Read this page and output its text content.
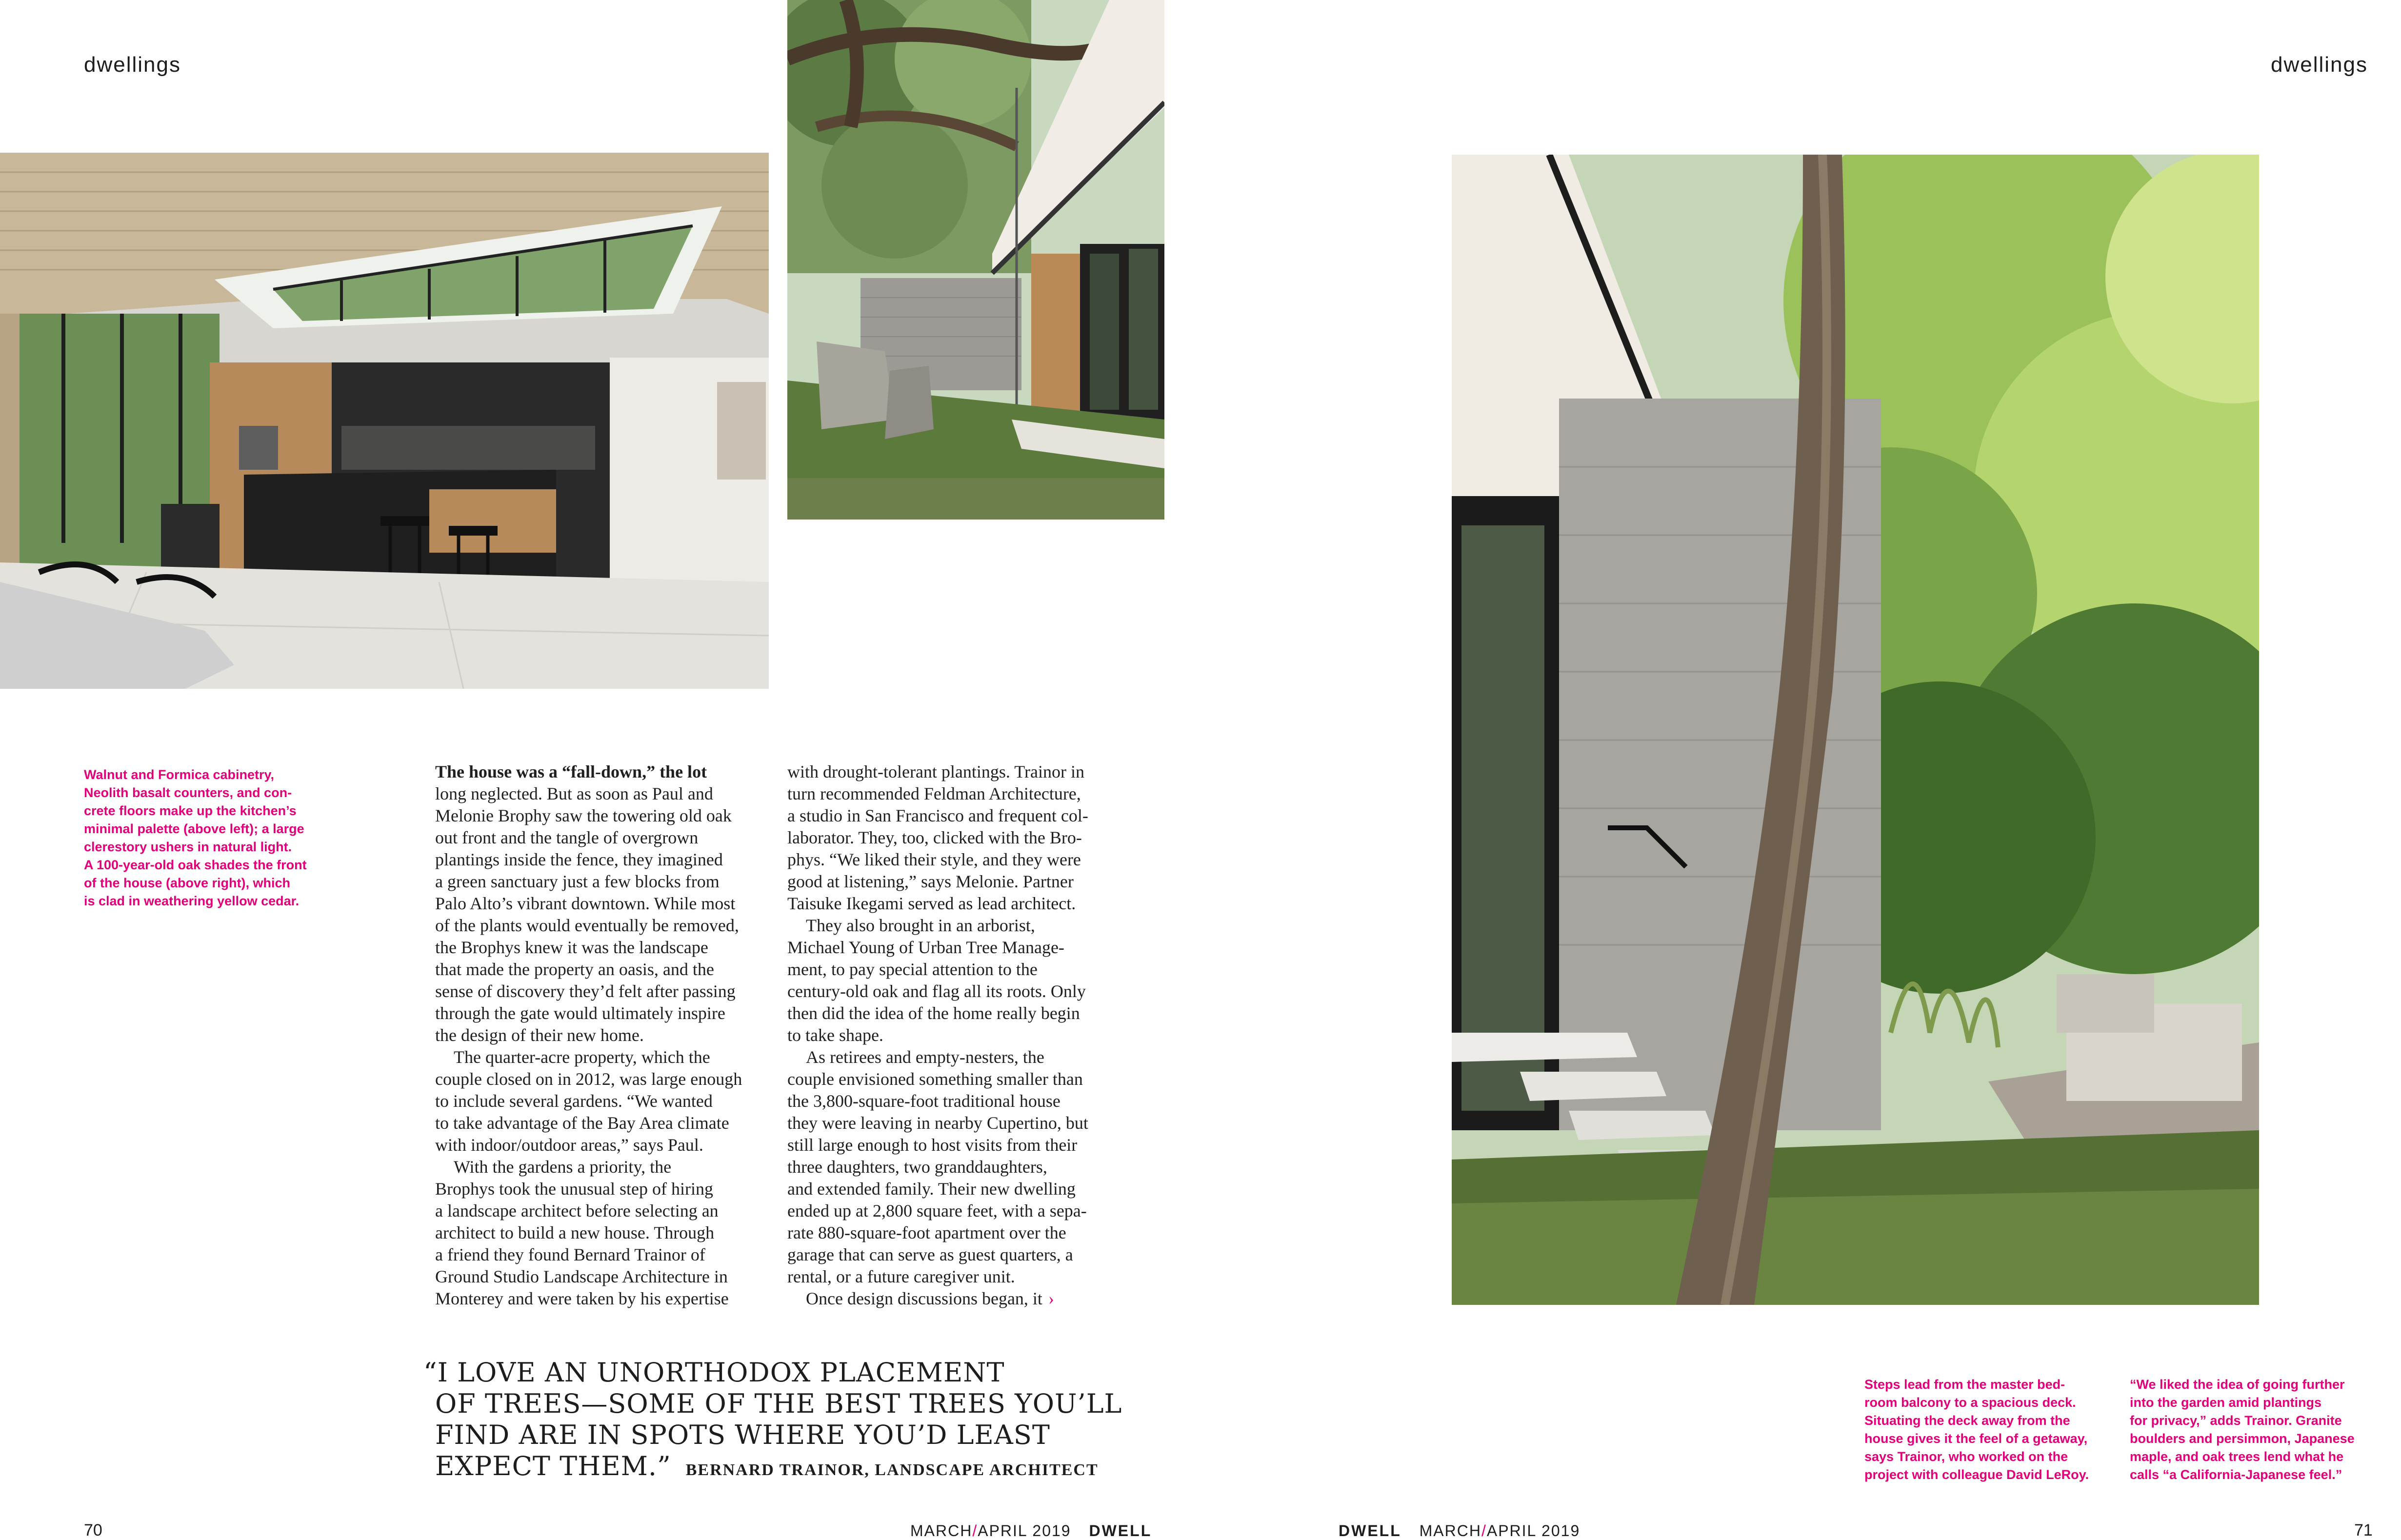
dwellings	dwellings
Walnut and Formica cabinetry,
Neolith basalt counters, and con-
crete floors make up the kitchen’s
minimal palette (above left); a large
clerestory ushers in natural light.
A 100-year-old oak shades the front
of the house (above right), which
is clad in weathering yellow cedar.
The house was a “fall-down,” the lot
long neglected. But as soon as Paul and
Melonie Brophy saw the towering old oak
out front and the tangle of overgrown
plantings inside the fence, they imagined
a green sanctuary just a few blocks from
Palo Alto’s vibrant downtown. While most
of the plants would eventually be removed,
the Brophys knew it was the landscape
that made the property an oasis, and the
sense of discovery they’d felt after passing
through the gate would ultimately inspire
the design of their new home.
The quarter-acre property, which the
couple closed on in 2012, was large enough
to include several gardens. “We wanted
to take advantage of the Bay Area climate
with indoor/outdoor areas,” says Paul.
With the gardens a priority, the
Brophys took the unusual step of hiring
a landscape architect before selecting an
architect to build a new house. Through
a friend they found Bernard Trainor of
Ground Studio Landscape Architecture in
Monterey and were taken by his expertise
with drought-tolerant plantings. Trainor in
turn recommended Feldman Architecture,
a studio in San Francisco and frequent col-
laborator. They, too, clicked with the Bro-
phys. “We liked their style, and they were
good at listening,” says Melonie. Partner
Taisuke Ikegami served as lead architect.
They also brought in an arborist,
Michael Young of Urban Tree Manage-
ment, to pay special attention to the
century-old oak and flag all its roots. Only
then did the idea of the home really begin
to take shape.
As retirees and empty-nesters, the
couple envisioned something smaller than
the 3,800-square-foot traditional house
they were leaving in nearby Cupertino, but
still large enough to host visits from their
three daughters, two granddaughters,
and extended family. Their new dwelling
ended up at 2,800 square feet, with a sepa-
rate 880-square-foot apartment over the
garage that can serve as guest quarters, a
rental, or a future caregiver unit.
Once design discussions began, it ›
“I LOVE AN UNORTHODOX PLACEMENT
OF TREES—SOME OF THE BEST TREES YOU’LL
FIND ARE IN SPOTS WHERE YOU’D LEAST
EXPECT THEM.” BERNARD TRAINOR, LANDSCAPE ARCHITECT
Steps lead from the master bed-
room balcony to a spacious deck.
Situating the deck away from the
house gives it the feel of a getaway,
says Trainor, who worked on the
project with colleague David LeRoy.
“We liked the idea of going further
into the garden amid plantings
for privacy,” adds Trainor. Granite
boulders and persimmon, Japanese
maple, and oak trees lend what he
calls “a California-Japanese feel.”
70	MARCH/APRIL 2019 DWELL	DWELL MARCH/APRIL 2019	71
